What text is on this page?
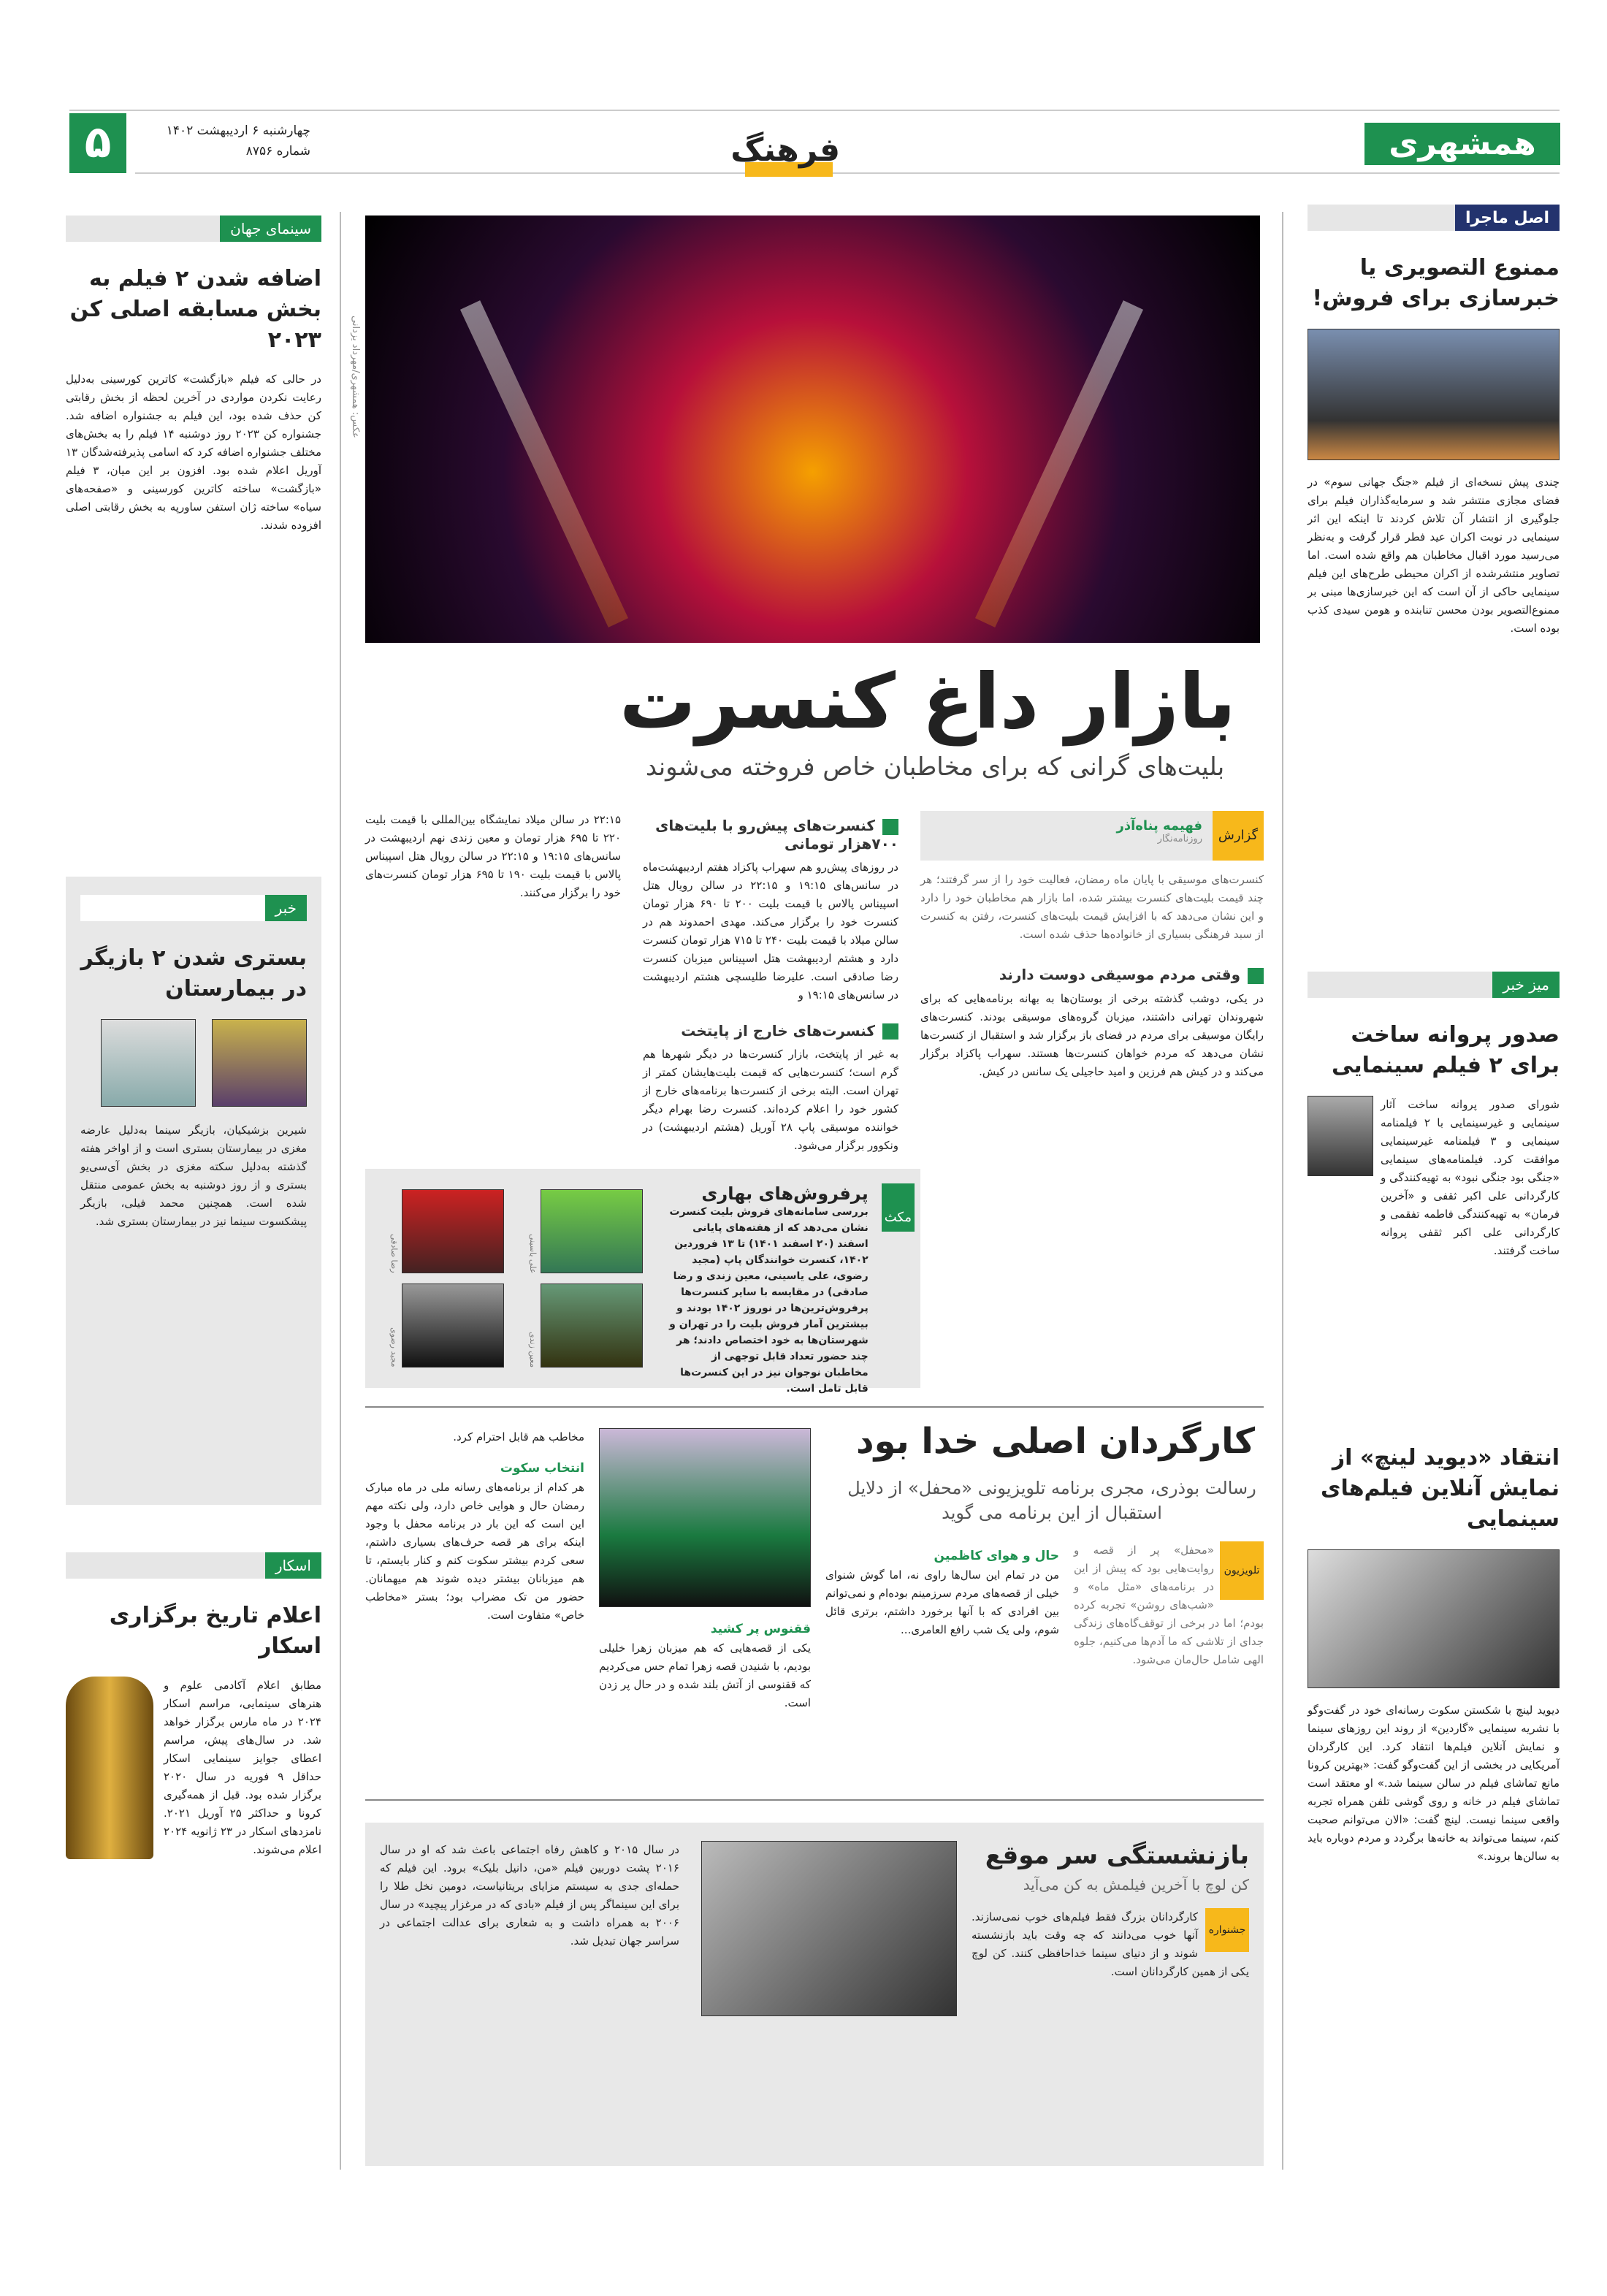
همشهری
فرهنگ
۵	چهارشنبه ۶ اردیبهشت ۱۴۰۲
شماره ۸۷۵۶
سینمای جهان
اضافه شدن ۲ فیلم به بخش مسابقه اصلی کن ۲۰۲۳
در حالی که فیلم «بازگشت» کاترین کورسینی به‌دلیل رعایت نکردن مواردی در آخرین لحظه از بخش رقابتی کن حذف شده بود، این فیلم به جشنواره اضافه شد. جشنواره کن ۲۰۲۳ روز دوشنبه ۱۴ فیلم را به بخش‌های مختلف جشنواره اضافه کرد که اسامی پذیرفته‌شدگان ۱۳ آوریل اعلام شده بود. افزون بر این میان، ۳ فیلم «بازگشت» ساخته کاترین کورسینی و «صفحه‌های سیاه» ساخته ژان استفن ساورپه به بخش رقابتی اصلی افزوده شدند.
خبر
بستری شدن ۲ بازیگر در بیمارستان
شیرین بزشیکیان، بازیگر سینما به‌دلیل عارضه مغزی در بیمارستان بستری است و از اواخر هفته گذشته به‌دلیل سکته مغزی در بخش آی‌سی‌یو بستری و از روز دوشنبه به بخش عمومی منتقل شده است. همچنین محمد فیلی، بازیگر پیشکسوت سینما نیز در بیمارستان بستری شد.
اسکار
اعلام تاریخ برگزاری اسکار
مطابق اعلام آکادمی علوم و هنرهای سینمایی، مراسم اسکار ۲۰۲۴ در ماه مارس برگزار خواهد شد. در سال‌های پیش، مراسم اعطای جوایز سینمایی اسکار حداقل ۹ فوریه در سال ۲۰۲۰ برگزار شده بود. قبل از همه‌گیری کرونا و حداکثر ۲۵ آوریل ۲۰۲۱. نامزدهای اسکار در ۲۳ ژانویه ۲۰۲۴ اعلام می‌شوند.
عکس: همشهری/مهرداد یزدانی
بازار داغ کنسرت
بلیت‌های گرانی که برای مخاطبان خاص فروخته می‌شوند
گزارش
فهیمه پناه‌آذر
روزنامه‌نگار
کنسرت‌های موسیقی با پایان ماه رمضان، فعالیت خود را از سر گرفتند؛ هر چند قیمت بلیت‌های کنسرت بیشتر شده، اما بازار هم مخاطبان خود را دارد و این نشان می‌دهد که با افزایش قیمت بلیت‌های کنسرت، رفتن به کنسرت از سبد فرهنگی بسیاری از خانواده‌ها حذف شده است.
وقتی مردم موسیقی دوست دارند
در یکی، دوشب گذشته برخی از بوستان‌ها به بهانه برنامه‌هایی که برای شهروندان تهرانی داشتند، میزبان گروه‌های موسیقی بودند. کنسرت‌های رایگان موسیقی برای مردم در فضای باز برگزار شد و استقبال از کنسرت‌ها نشان می‌دهد که مردم خواهان کنسرت‌ها هستند. سهراب پاکزاد برگزار می‌کند و در کیش هم فرزین و امید حاجیلی یک سانس در کیش.
کنسرت‌های پیش‌رو با بلیت‌های ۷۰۰هزار تومانی
در روزهای پیش‌رو هم سهراب پاکزاد هفتم اردیبهشت‌ماه در سانس‌های ۱۹:۱۵ و ۲۲:۱۵ در سالن رویال هتل اسپیناس پالاس با قیمت بلیت ۲۰۰ تا ۶۹۰ هزار تومان کنسرت خود را برگزار می‌کند. مهدی احمدوند هم در سالن میلاد با قیمت بلیت ۲۴۰ تا ۷۱۵ هزار تومان کنسرت دارد و هشتم اردیبهشت هتل اسپیناس میزبان کنسرت رضا صادقی است. علیرضا طلیسچی هشتم اردیبهشت در سانس‌های ۱۹:۱۵ و
کنسرت‌های خارج از پایتخت
به غیر از پایتخت، بازار کنسرت‌ها در دیگر شهرها هم گرم است؛ کنسرت‌هایی که قیمت بلیت‌هایشان کمتر از تهران است. البته برخی از کنسرت‌ها برنامه‌های خارج از کشور خود را اعلام کرده‌اند. کنسرت رضا بهرام دیگر خواننده موسیقی پاپ ۲۸ آوریل (هشتم اردیبهشت) در ونکوور برگزار می‌شود.
۲۲:۱۵ در سالن میلاد نمایشگاه بین‌المللی با قیمت بلیت ۲۲۰ تا ۶۹۵ هزار تومان و معین زندی نهم اردیبهشت در سانس‌های ۱۹:۱۵ و ۲۲:۱۵ در سالن رویال هتل اسپیناس پالاس با قیمت بلیت ۱۹۰ تا ۶۹۵ هزار تومان کنسرت‌های خود را برگزار می‌کنند.
مکث
پرفروش‌های بهاری
بررسی سامانه‌های فروش بلیت کنسرت نشان می‌دهد که از هفته‌های پایانی اسفند (۲۰ اسفند ۱۴۰۱) تا ۱۳ فروردین ۱۴۰۲، کنسرت خوانندگان پاپ (مجید رضوی، علی یاسینی، معین زندی و رضا صادقی) در مقایسه با سایر کنسرت‌ها پرفروش‌ترین‌ها در نوروز ۱۴۰۲ بودند و بیشترین آمار فروش بلیت را در تهران و شهرستان‌ها به خود اختصاص دادند؛ هر چند حضور تعداد قابل توجهی از مخاطبان نوجوان نیز در این کنسرت‌ها قابل تامل است.
علی یاسینی
رضا صادقی
معین زندی
مجید رضوی
کارگردان اصلی خدا بود
رسالت بوذری، مجری برنامه تلویزیونی «محفل» از دلایل استقبال از این برنامه می گوید
تلویزیون
«محفل» پر از قصه و روایت‌هایی بود که پیش از این در برنامه‌های «مثل ماه» و «شب‌های روشن» تجربه کرده بودم؛ اما در برخی از توقف‌گاه‌های زندگی جدای از تلاشی که ما آدم‌ها می‌کنیم، جلوه الهی شامل حال‌مان می‌شود.
حال و هوای کاظمین
من در تمام این سال‌ها راوی نه، اما گوش شنوای خیلی از قصه‌های مردم سرزمینم بوده‌ام و نمی‌توانم بین افرادی که با آنها برخورد داشتم، برتری قائل شوم، ولی یک شب رافع العامری...
ققنوس پر کشید
یکی از قصه‌هایی که هم میزبان زهرا خلیلی بودیم، با شنیدن قصه زهرا تمام حس می‌کردیم که ققنوسی از آتش بلند شده و در حال پر زدن است.
مخاطب هم قابل احترام کرد.
انتخاب سکوت
هر کدام از برنامه‌های رسانه ملی در ماه مبارک رمضان حال و هوایی خاص دارد، ولی نکته مهم این است که این بار در برنامه محفل با وجود اینکه برای هر قصه حرف‌های بسیاری داشتم، سعی کردم بیشتر سکوت کنم و کنار بایستم، تا هم میزبانان بیشتر دیده شوند هم میهمانان. حضور من تک مضراب بود؛ بستر «مخاطب خاص» متفاوت است.
بازنشستگی سر موقع
کن لوچ با آخرین فیلمش به کن می‌آید
جشنواره
کارگردانان بزرگ فقط فیلم‌های خوب نمی‌سازند. آنها خوب می‌دانند که چه وقت باید بازنشسته شوند و از دنیای سینما خداحافظی کنند. کن لوچ یکی از همین کارگردانان است.
در سال ۲۰۱۵ و کاهش رفاه اجتماعی باعث شد که او در سال ۲۰۱۶ پشت دوربین فیلم «من، دانیل بلیک» برود. این فیلم که حمله‌ای جدی به سیستم مزایای بریتانیاست، دومین نخل طلا را برای این سینماگر پس از فیلم «بادی که در مرغزار پیچید» در سال ۲۰۰۶ به همراه داشت و به شعاری برای عدالت اجتماعی در سراسر جهان تبدیل شد.
اصل ماجرا
ممنوع التصویری یا خبرسازی برای فروش!
چندی پیش نسخه‌ای از فیلم «جنگ جهانی سوم» در فضای مجازی منتشر شد و سرمایه‌گذاران فیلم برای جلوگیری از انتشار آن تلاش کردند تا اینکه این اثر سینمایی در نوبت اکران عید فطر قرار گرفت و به‌نظر می‌رسید مورد اقبال مخاطبان هم واقع شده است. اما تصاویر منتشرشده از اکران محیطی طرح‌های این فیلم سینمایی حاکی از آن است که این خبرسازی‌ها مبنی بر ممنوع‌التصویر بودن محسن تنابنده و هومن سیدی کذب بوده است.
میز خبر
صدور پروانه ساخت برای ۲ فیلم سینمایی
شورای صدور پروانه ساخت آثار سینمایی و غیرسینمایی با ۲ فیلمنامه سینمایی و ۳ فیلمنامه غیرسینمایی موافقت کرد. فیلمنامه‌های سینمایی «جنگی بود جنگی نبود» به تهیه‌کنندگی و کارگردانی علی اکبر ثقفی و «آخرین فرمان» به تهیه‌کنندگی فاطمه تفقمی و کارگردانی علی اکبر ثقفی پروانه ساخت گرفتند.
انتقاد «دیوید لینچ» از نمایش آنلاین فیلم‌های سینمایی
دیوید لینچ با شکستن سکوت رسانه‌ای خود در گفت‌وگو با نشریه سینمایی «گاردین» از روند این روزهای سینما و نمایش آنلاین فیلم‌ها انتقاد کرد. این کارگردان آمریکایی در بخشی از این گفت‌وگو گفت: «بهترین کرونا مانع تماشای فیلم در سالن سینما شد.» او معتقد است تماشای فیلم در خانه و روی گوشی تلفن همراه تجربه واقعی سینما نیست. لینچ گفت: «الان می‌توانم صحبت کنم، سینما می‌تواند به خانه‌ها برگردد و مردم دوباره باید به سالن‌ها بروند.»
